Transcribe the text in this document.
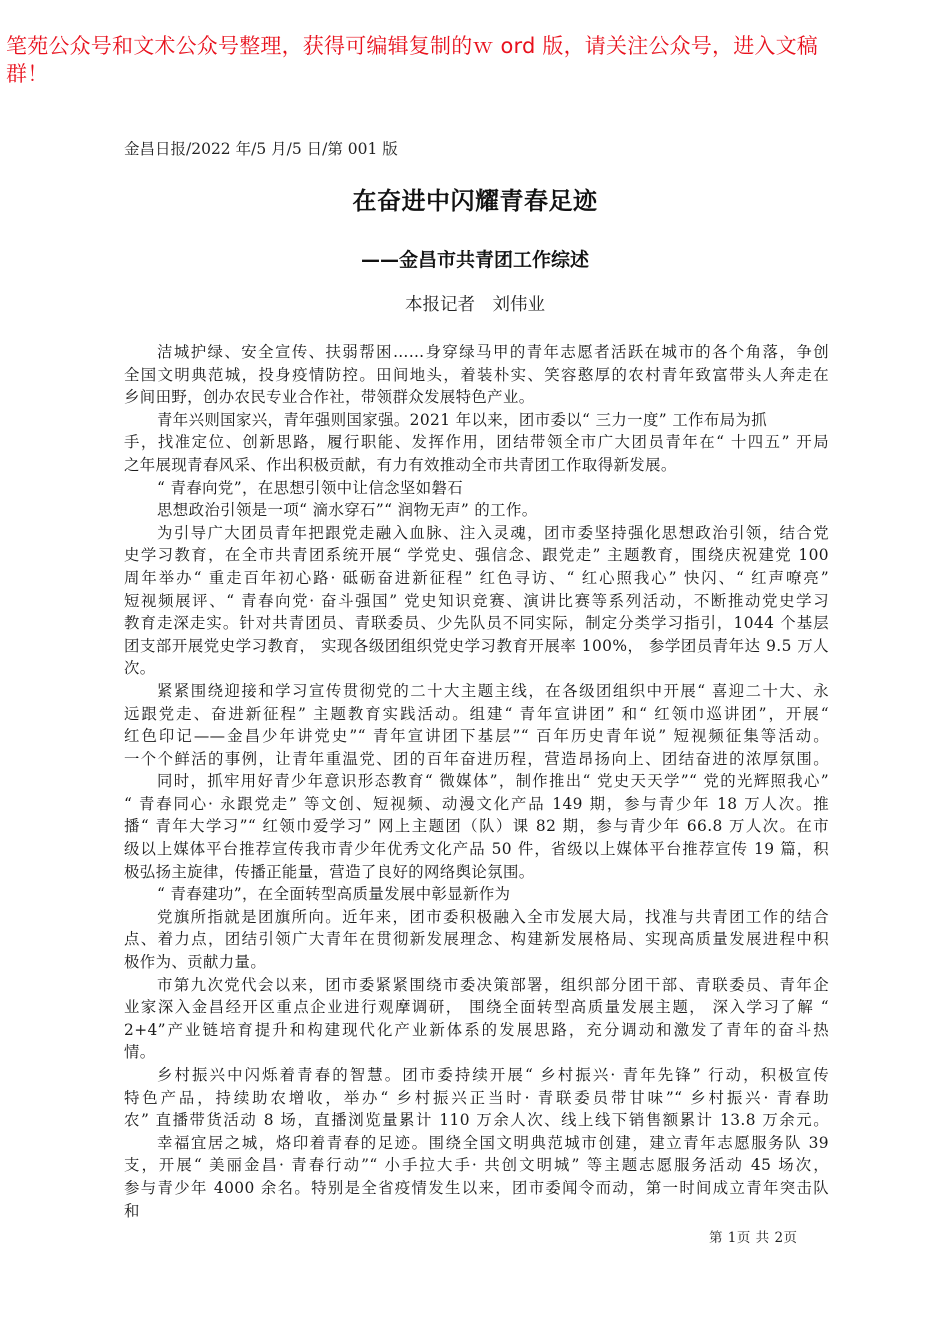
笔苑公众号和文术公众号整理，获得可编辑复制的ｗ ord 版，请关注公众号，进入文稿
群！
金昌日报/2022 年/5 月/5 日/第 001 版
在奋进中闪耀青春足迹
——金昌市共青团工作综述
本报记者　刘伟业
洁城护绿、安全宣传、扶弱帮困……身穿绿马甲的青年志愿者活跃在城市的各个角落，争创
全国文明典范城，投身疫情防控。田间地头，着装朴实、笑容憨厚的农村青年致富带头人奔走在
乡间田野，创办农民专业合作社，带领群众发展特色产业。
青年兴则国家兴，青年强则国家强。2021 年以来，团市委以“ 三力一度” 工作布局为抓
手，找准定位、创新思路，履行职能、发挥作用，团结带领全市广大团员青年在“ 十四五” 开局
之年展现青春风采、作出积极贡献，有力有效推动全市共青团工作取得新发展。
“ 青春向党”，在思想引领中让信念坚如磐石
思想政治引领是一项“ 滴水穿石”“ 润物无声” 的工作。
为引导广大团员青年把跟党走融入血脉、注入灵魂，团市委坚持强化思想政治引领，结合党
史学习教育，在全市共青团系统开展“ 学党史、强信念、跟党走” 主题教育，围绕庆祝建党 100
周年举办“ 重走百年初心路· 砥砺奋进新征程” 红色寻访、“ 红心照我心” 快闪、“ 红声嘹亮”
短视频展评、“ 青春向党· 奋斗强国” 党史知识竞赛、演讲比赛等系列活动，不断推动党史学习
教育走深走实。针对共青团员、青联委员、少先队员不同实际，制定分类学习指引，1044 个基层
团支部开展党史学习教育， 实现各级团组织党史学习教育开展率 100%， 参学团员青年达 9.5 万人
次。
紧紧围绕迎接和学习宣传贯彻党的二十大主题主线，在各级团组织中开展“ 喜迎二十大、永
远跟党走、奋进新征程” 主题教育实践活动。组建“ 青年宣讲团” 和“ 红领巾巡讲团”，开展“
红色印记——金昌少年讲党史”“ 青年宣讲团下基层”“ 百年历史青年说” 短视频征集等活动。
一个个鲜活的事例，让青年重温党、团的百年奋进历程，营造昂扬向上、团结奋进的浓厚氛围。
同时，抓牢用好青少年意识形态教育“ 微媒体”，制作推出“ 党史天天学”“ 党的光辉照我心”
“ 青春同心· 永跟党走” 等文创、短视频、动漫文化产品 149 期，参与青少年 18 万人次。推
播“ 青年大学习”“ 红领巾爱学习” 网上主题团（队）课 82 期，参与青少年 66.8 万人次。在市
级以上媒体平台推荐宣传我市青少年优秀文化产品 50 件，省级以上媒体平台推荐宣传 19 篇，积
极弘扬主旋律，传播正能量，营造了良好的网络舆论氛围。
“ 青春建功”，在全面转型高质量发展中彰显新作为
党旗所指就是团旗所向。近年来，团市委积极融入全市发展大局，找准与共青团工作的结合
点、着力点，团结引领广大青年在贯彻新发展理念、构建新发展格局、实现高质量发展进程中积
极作为、贡献力量。
市第九次党代会以来，团市委紧紧围绕市委决策部署，组织部分团干部、青联委员、青年企
业家深入金昌经开区重点企业进行观摩调研， 围绕全面转型高质量发展主题， 深入学习了解 “
2+4”产业链培育提升和构建现代化产业新体系的发展思路，充分调动和激发了青年的奋斗热
情。
乡村振兴中闪烁着青春的智慧。团市委持续开展“ 乡村振兴· 青年先锋” 行动，积极宣传
特色产品，持续助农增收，举办“ 乡村振兴正当时· 青联委员带甘味”“ 乡村振兴· 青春助
农” 直播带货活动 8 场，直播浏览量累计 110 万余人次、线上线下销售额累计 13.8 万余元。
幸福宜居之城，烙印着青春的足迹。围绕全国文明典范城市创建，建立青年志愿服务队 39
支，开展“ 美丽金昌· 青春行动”“ 小手拉大手· 共创文明城” 等主题志愿服务活动 45 场次，
参与青少年 4000 余名。特别是全省疫情发生以来，团市委闻令而动，第一时间成立青年突击队
和
第 1页 共 2页
